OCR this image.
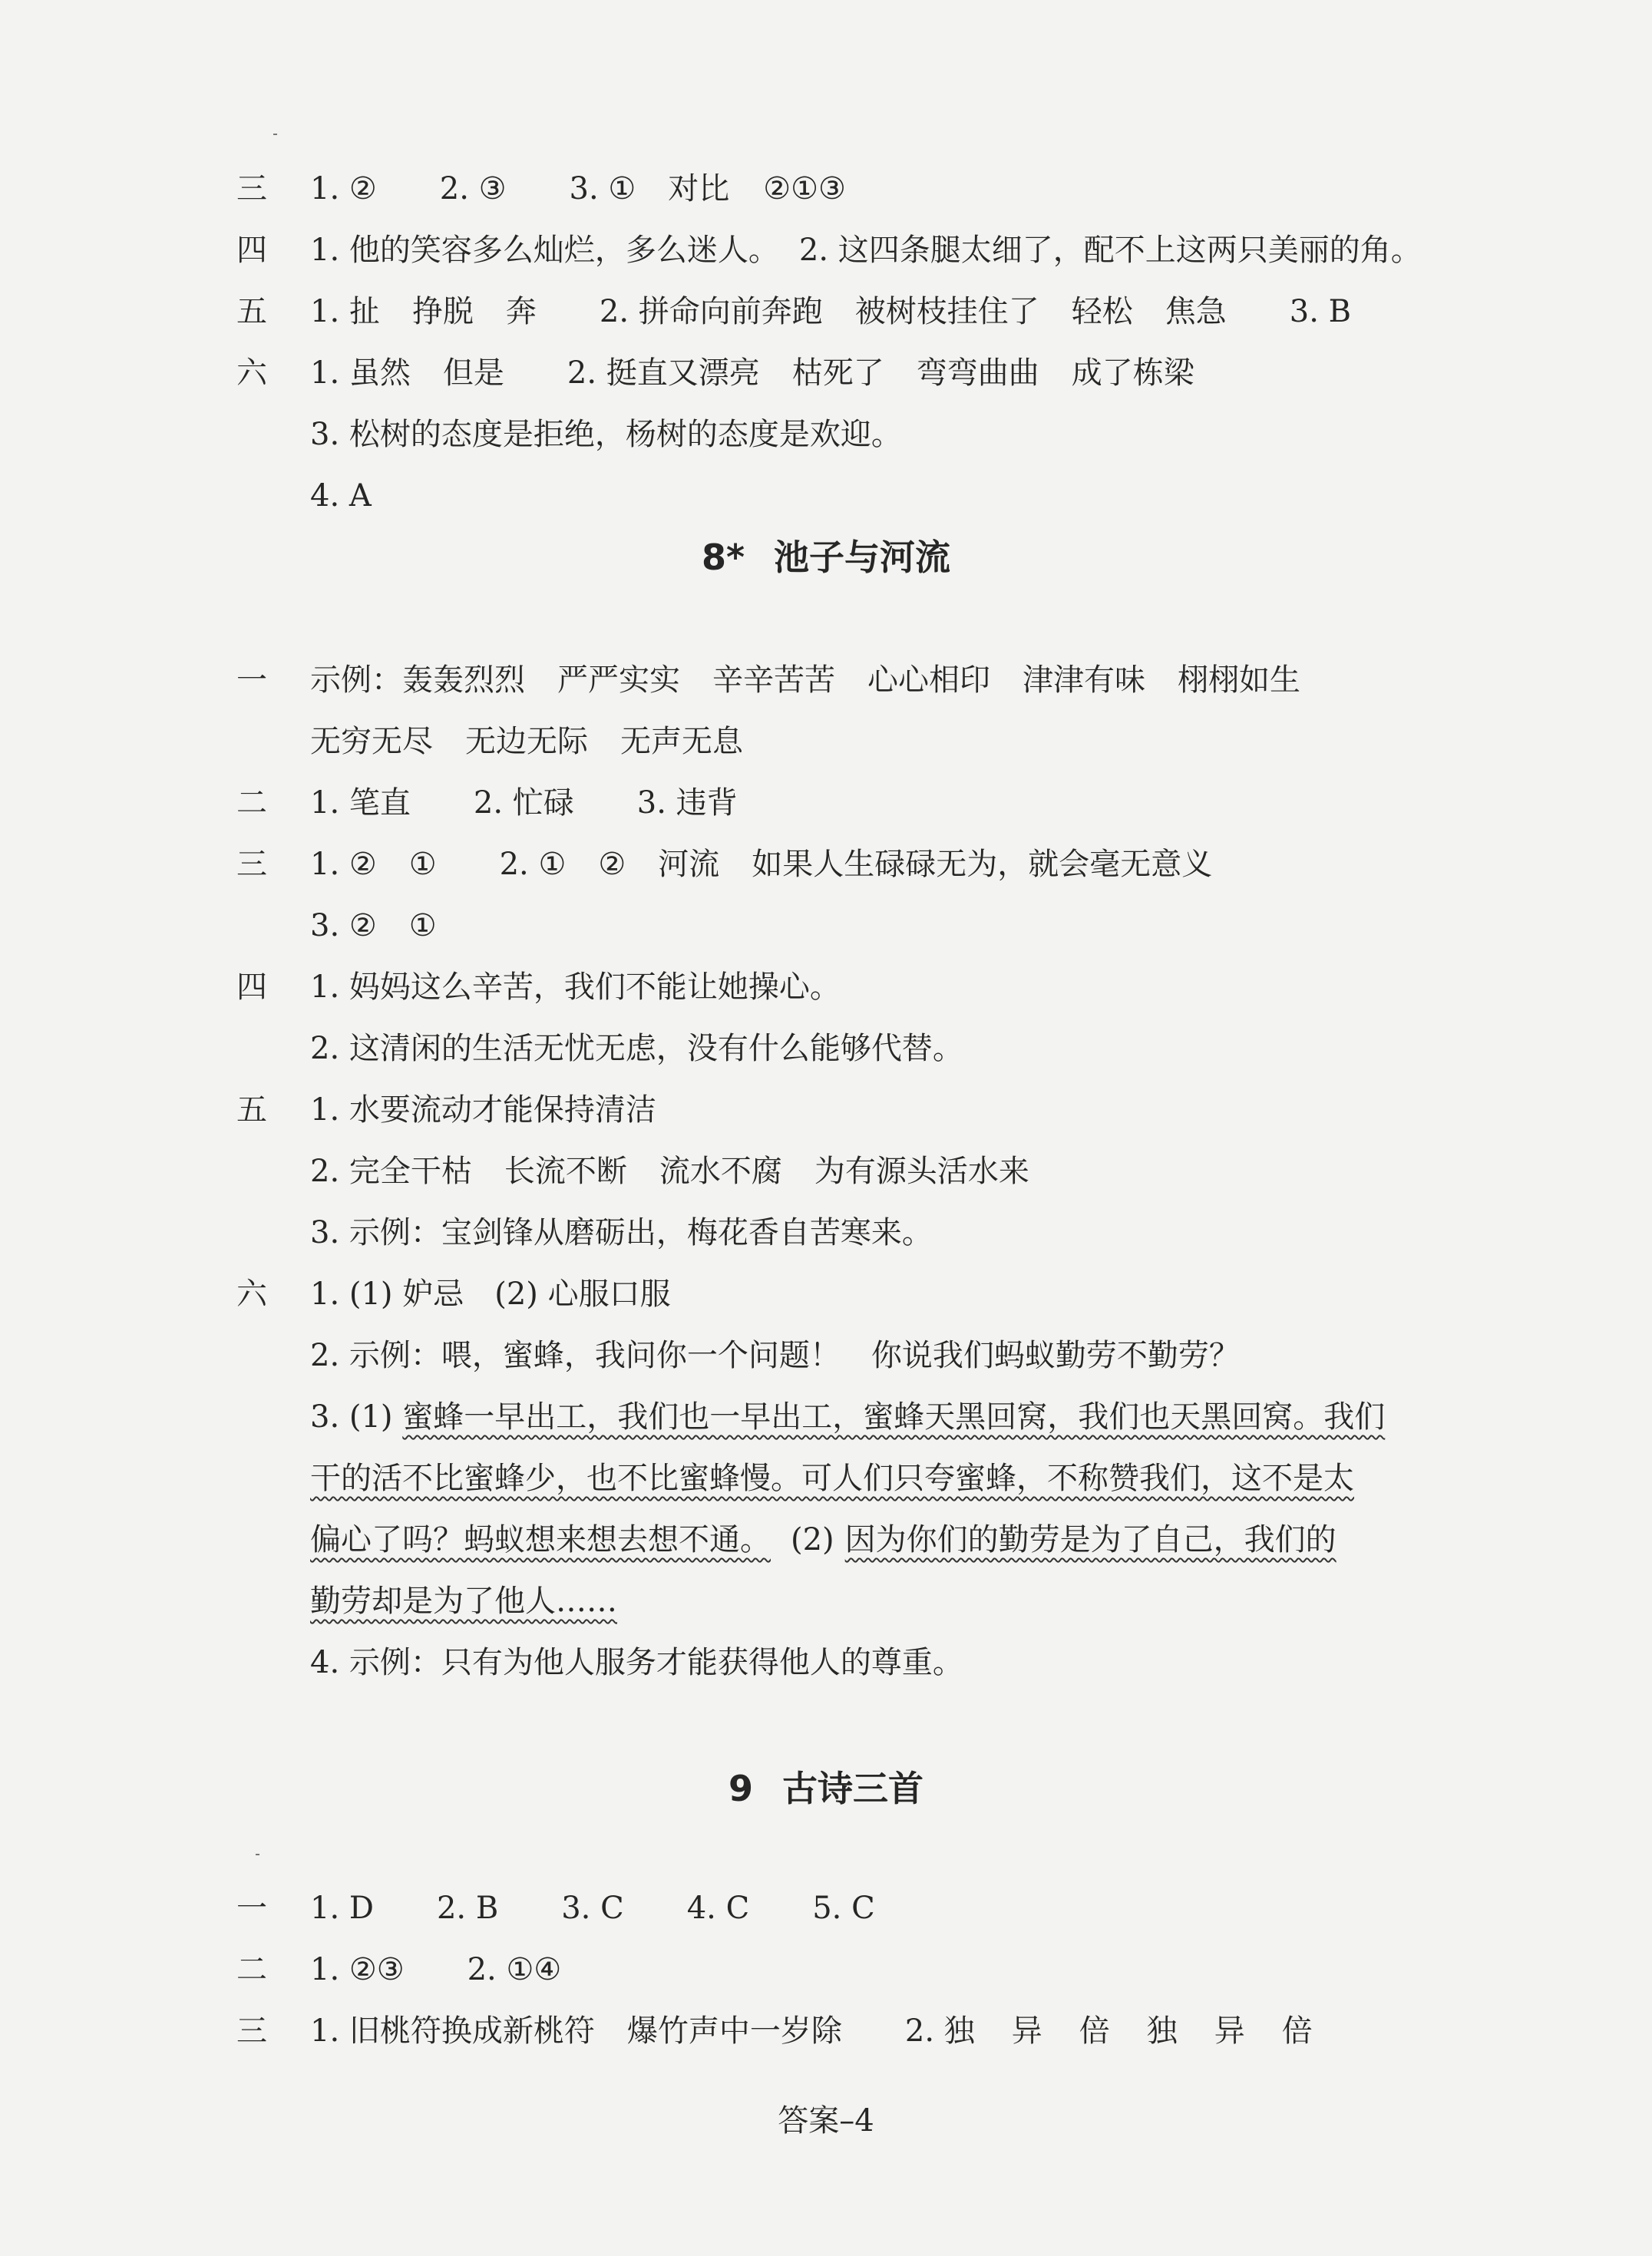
三 1. ② 2. ③ 3. ① 对比 ②①③
四 1. 他的笑容多么灿烂，多么迷人。 2. 这四条腿太细了，配不上这两只美丽的角。
五 1. 扯 挣脱 奔 2. 拼命向前奔跑 被树枝挂住了 轻松 焦急 3. B
六 1. 虽然 但是 2. 挺直又漂亮 枯死了 弯弯曲曲 成了栋梁
3. 松树的态度是拒绝，杨树的态度是欢迎。
4. A
8* 池子与河流
一 示例：轰轰烈烈 严严实实 辛辛苦苦 心心相印 津津有味 栩栩如生
无穷无尽 无边无际 无声无息
二 1. 笔直 2. 忙碌 3. 违背
三 1. ② ① 2. ① ② 河流 如果人生碌碌无为，就会毫无意义
3. ② ①
四 1. 妈妈这么辛苦，我们不能让她操心。
2. 这清闲的生活无忧无虑，没有什么能够代替。
五 1. 水要流动才能保持清洁
2. 完全干枯 长流不断 流水不腐 为有源头活水来
3. 示例：宝剑锋从磨砺出，梅花香自苦寒来。
六 1. (1) 妒忌　(2) 心服口服
2. 示例：喂，蜜蜂，我问你一个问题！　你说我们蚂蚁勤劳不勤劳？
3. (1) 蜜蜂一早出工，我们也一早出工，蜜蜂天黑回窝，我们也天黑回窝。我们
干的活不比蜜蜂少，也不比蜜蜂慢。可人们只夸蜜蜂，不称赞我们，这不是太
偏心了吗？蚂蚁想来想去想不通。 (2) 因为你们的勤劳是为了自己，我们的
勤劳却是为了他人……
4. 示例：只有为他人服务才能获得他人的尊重。
9 古诗三首
一 1. D 2. B 3. C 4. C 5. C
二 1. ②③ 2. ①④
三 1. 旧桃符换成新桃符 爆竹声中一岁除 2. 独 异 倍 独 异 倍
答案–4
